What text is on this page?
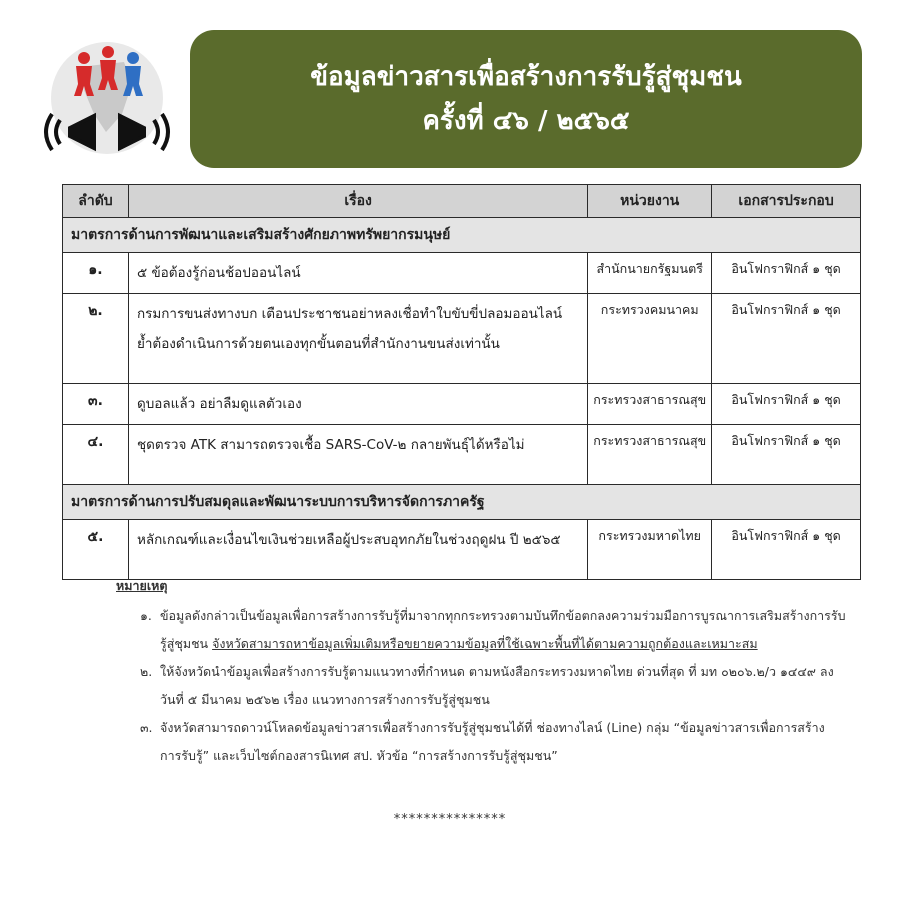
ข้อมูลข่าวสารเพื่อสร้างการรับรู้สู่ชุมชน
ครั้งที่ ๔๖ / ๒๕๖๕
ลำดับ	เรื่อง	หน่วยงาน	เอกสารประกอบ
มาตรการด้านการพัฒนาและเสริมสร้างศักยภาพทรัพยากรมนุษย์			
๑.	๕ ข้อต้องรู้ก่อนช้อปออนไลน์	สำนักนายกรัฐมนตรี	อินโฟกราฟิกส์ ๑ ชุด
๒.	กรมการขนส่งทางบก เตือนประชาชนอย่าหลงเชื่อทำใบขับขี่ปลอมออนไลน์ ย้ำต้องดำเนินการด้วยตนเองทุกขั้นตอนที่สำนักงานขนส่งเท่านั้น	กระทรวงคมนาคม	อินโฟกราฟิกส์ ๑ ชุด
๓.	ดูบอลแล้ว อย่าลืมดูแลตัวเอง	กระทรวงสาธารณสุข	อินโฟกราฟิกส์ ๑ ชุด
๔.	ชุดตรวจ ATK สามารถตรวจเชื้อ SARS-CoV-๒ กลายพันธุ์ได้หรือไม่	กระทรวงสาธารณสุข	อินโฟกราฟิกส์ ๑ ชุด
มาตรการด้านการปรับสมดุลและพัฒนาระบบการบริหารจัดการภาครัฐ			
๕.	หลักเกณฑ์และเงื่อนไขเงินช่วยเหลือผู้ประสบอุทกภัยในช่วงฤดูฝน ปี ๒๕๖๕	กระทรวงมหาดไทย	อินโฟกราฟิกส์ ๑ ชุด
หมายเหตุ
๑. ข้อมูลดังกล่าวเป็นข้อมูลเพื่อการสร้างการรับรู้ที่มาจากทุกกระทรวงตามบันทึกข้อตกลงความร่วมมือการบูรณาการเสริมสร้างการรับรู้สู่ชุมชน จังหวัดสามารถหาข้อมูลเพิ่มเติมหรือขยายความข้อมูลที่ใช้เฉพาะพื้นที่ได้ตามความถูกต้องและเหมาะสม
๒. ให้จังหวัดนำข้อมูลเพื่อสร้างการรับรู้ตามแนวทางที่กำหนด ตามหนังสือกระทรวงมหาดไทย ด่วนที่สุด ที่ มท ๐๒๐๖.๒/ว ๑๔๔๙ ลงวันที่ ๕ มีนาคม ๒๕๖๒ เรื่อง แนวทางการสร้างการรับรู้สู่ชุมชน
๓. จังหวัดสามารถดาวน์โหลดข้อมูลข่าวสารเพื่อสร้างการรับรู้สู่ชุมชนได้ที่ ช่องทางไลน์ (Line) กลุ่ม “ข้อมูลข่าวสารเพื่อการสร้างการรับรู้” และเว็บไซต์กองสารนิเทศ สป. หัวข้อ “การสร้างการรับรู้สู่ชุมชน”
***************
